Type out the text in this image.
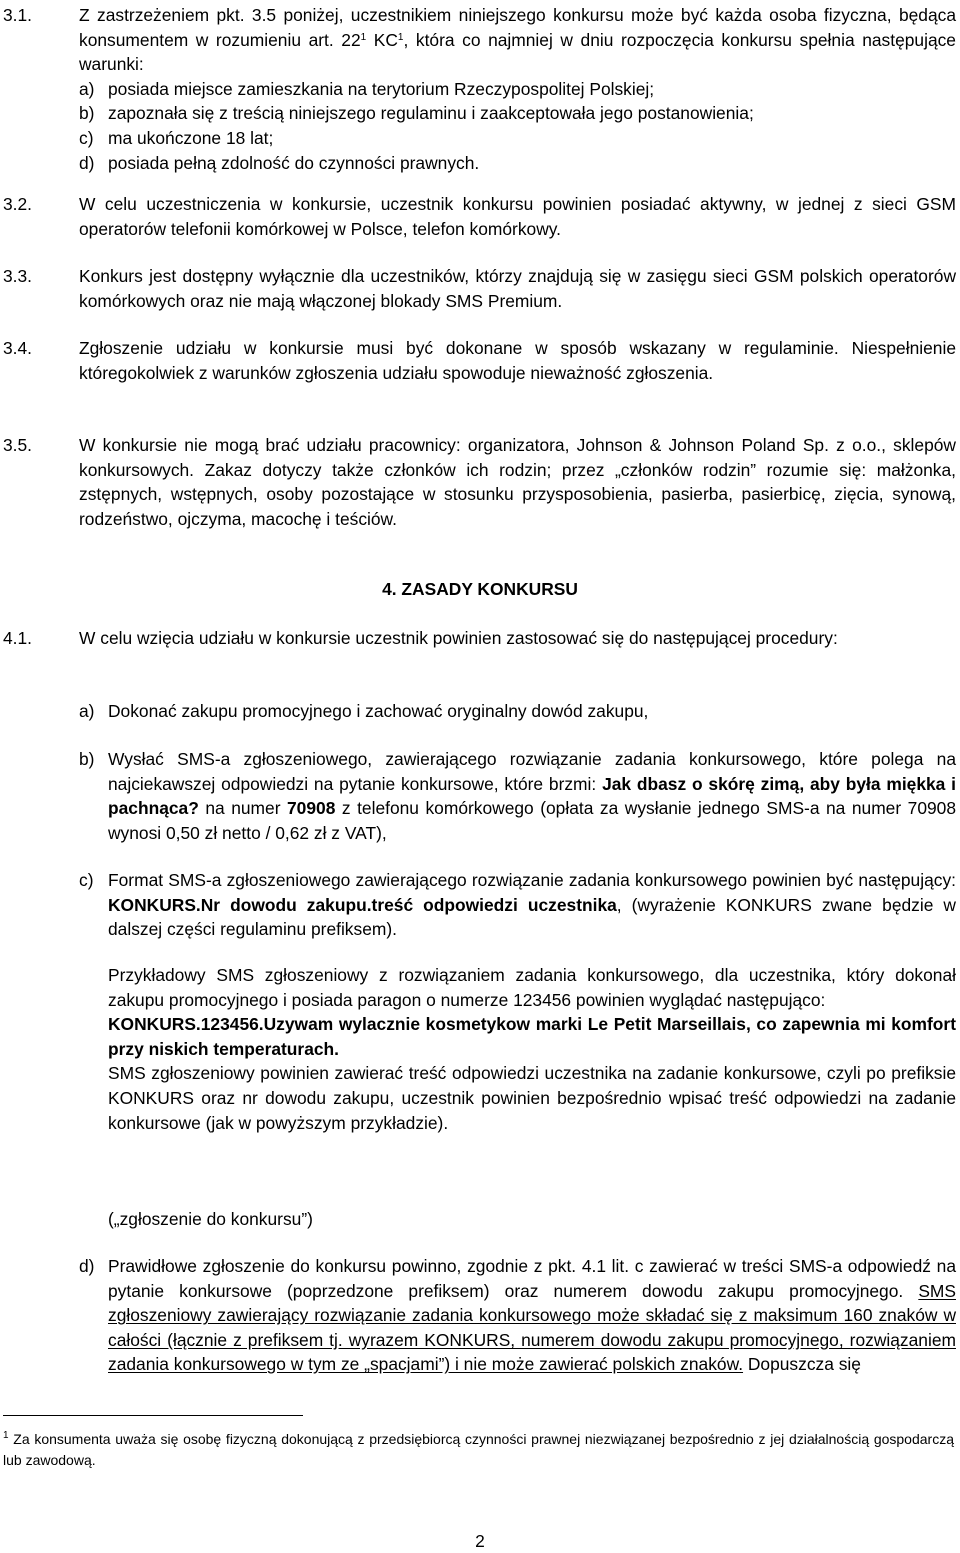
3.1.	Z zastrzeżeniem pkt. 3.5 poniżej, uczestnikiem niniejszego konkursu może być każda osoba fizyczna, będąca konsumentem w rozumieniu art. $22^1$ $KC^1$, która co najmniej w dniu rozpoczęcia konkursu spełnia następujące warunki:
a) posiada miejsce zamieszkania na terytorium Rzeczypospolitej Polskiej;
b) zapoznała się z treścią niniejszego regulaminu i zaakceptowała jego postanowienia;
c) ma ukończone 18 lat;
d) posiada pełną zdolność do czynności prawnych.
3.2.	W celu uczestniczenia w konkursie, uczestnik konkursu powinien posiadać aktywny, w jednej z sieci GSM operatorów telefonii komórkowej w Polsce, telefon komórkowy.
3.3.	Konkurs jest dostępny wyłącznie dla uczestników, którzy znajdują się w zasięgu sieci GSM polskich operatorów komórkowych oraz nie mają włączonej blokady SMS Premium.
3.4.	Zgłoszenie udziału w konkursie musi być dokonane w sposób wskazany w regulaminie. Niespełnienie któregokolwiek z warunków zgłoszenia udziału spowoduje nieważność zgłoszenia.
3.5.	W konkursie nie mogą brać udziału pracownicy: organizatora, Johnson & Johnson Poland Sp. z o.o., sklepów konkursowych. Zakaz dotyczy także członków ich rodzin; przez „członków rodzin” rozumie się: małżonka, zstępnych, wstępnych, osoby pozostające w stosunku przysposobienia, pasierba, pasierbicę, zięcia, synową, rodzeństwo, ojczyma, macochę i teściów.
4. ZASADY KONKURSU
4.1.	W celu wzięcia udziału w konkursie uczestnik powinien zastosować się do następującej procedury:
a) Dokonać zakupu promocyjnego i zachować oryginalny dowód zakupu,
b) Wysłać SMS-a zgłoszeniowego, zawierającego rozwiązanie zadania konkursowego, które polega na najciekawszej odpowiedzi na pytanie konkursowe, które brzmi: Jak dbasz o skórę zimą, aby była miękka i pachnąca? na numer 70908 z telefonu komórkowego (opłata za wysłanie jednego SMS-a na numer 70908 wynosi 0,50 zł netto / 0,62 zł z VAT),
c) Format SMS-a zgłoszeniowego zawierającego rozwiązanie zadania konkursowego powinien być następujący: KONKURS.Nr dowodu zakupu.treść odpowiedzi uczestnika, (wyrażenie KONKURS zwane będzie w dalszej części regulaminu prefiksem).
Przykładowy SMS zgłoszeniowy z rozwiązaniem zadania konkursowego, dla uczestnika, który dokonał zakupu promocyjnego i posiada paragon o numerze 123456 powinien wyglądać następująco:
KONKURS.123456.Uzywam wylacznie kosmetykow marki Le Petit Marseillais, co zapewnia mi komfort przy niskich temperaturach.
SMS zgłoszeniowy powinien zawierać treść odpowiedzi uczestnika na zadanie konkursowe, czyli po prefiksie KONKURS oraz nr dowodu zakupu, uczestnik powinien bezpośrednio wpisać treść odpowiedzi na zadanie konkursowe (jak w powyższym przykładzie).
(„zgłoszenie do konkursu”)
d) Prawidłowe zgłoszenie do konkursu powinno, zgodnie z pkt. 4.1 lit. c zawierać w treści SMS-a odpowiedź na pytanie konkursowe (poprzedzone prefiksem) oraz numerem dowodu zakupu promocyjnego. SMS zgłoszeniowy zawierający rozwiązanie zadania konkursowego może składać się z maksimum 160 znaków w całości (łącznie z prefiksem tj. wyrazem KONKURS, numerem dowodu zakupu promocyjnego, rozwiązaniem zadania konkursowego w tym ze „spacjami”) i nie może zawierać polskich znaków. Dopuszcza się
$^1$ Za konsumenta uważa się osobę fizyczną dokonującą z przedsiębiorcą czynności prawnej niezwiązanej bezpośrednio z jej działalnością gospodarczą lub zawodową.
2
